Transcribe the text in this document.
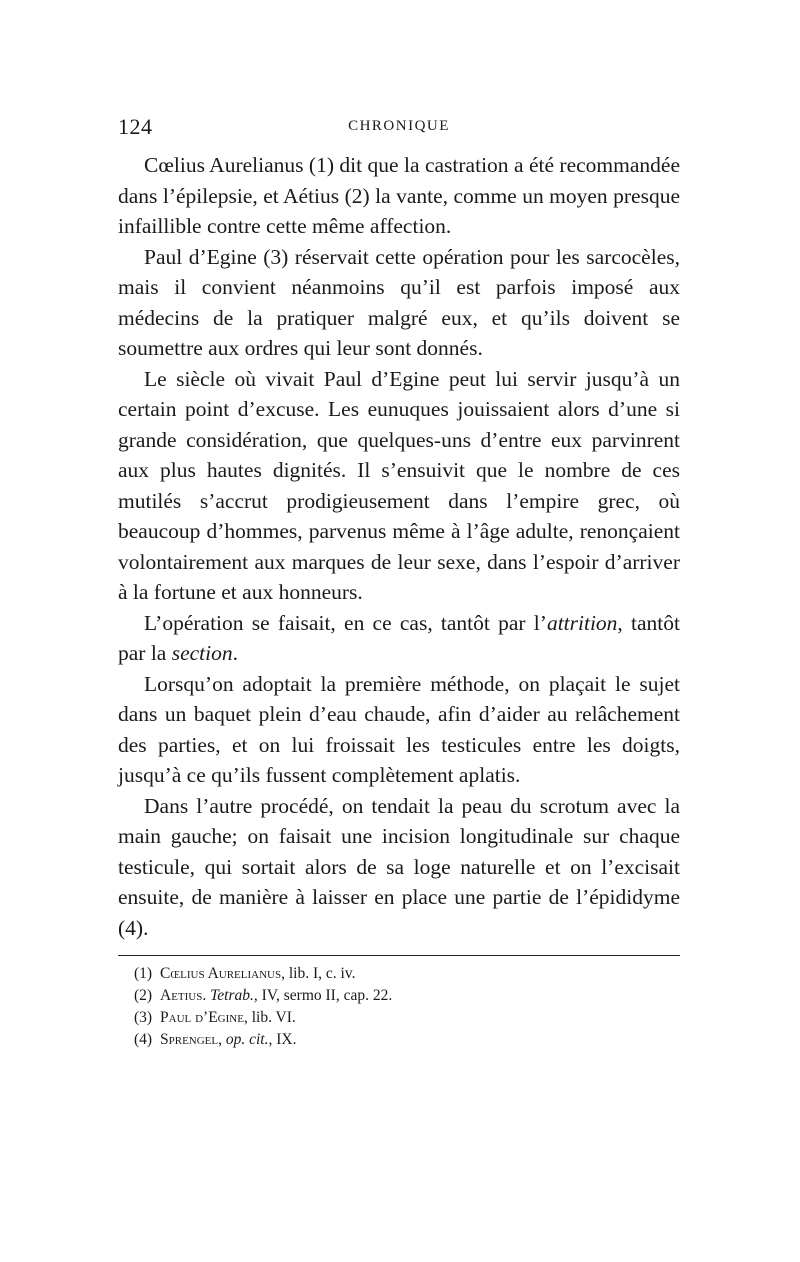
124	CHRONIQUE

Cœlius Aurelianus (1) dit que la castration a été recommandée dans l’épilepsie, et Aétius (2) la vante, comme un moyen presque infaillible contre cette même affection.

Paul d’Egine (3) réservait cette opération pour les sarcocèles, mais il convient néanmoins qu’il est parfois imposé aux médecins de la pratiquer malgré eux, et qu’ils doivent se soumettre aux ordres qui leur sont donnés.

Le siècle où vivait Paul d’Egine peut lui servir jusqu’à un certain point d’excuse. Les eunuques jouissaient alors d’une si grande considération, que quelques-uns d’entre eux parvinrent aux plus hautes dignités. Il s’ensuivit que le nombre de ces mutilés s’accrut prodigieusement dans l’empire grec, où beaucoup d’hommes, parvenus même à l’âge adulte, renonçaient volontairement aux marques de leur sexe, dans l’espoir d’arriver à la fortune et aux honneurs.

L’opération se faisait, en ce cas, tantôt par l’attrition, tantôt par la section.

Lorsqu’on adoptait la première méthode, on plaçait le sujet dans un baquet plein d’eau chaude, afin d’aider au relâchement des parties, et on lui froissait les testicules entre les doigts, jusqu’à ce qu’ils fussent complètement aplatis.

Dans l’autre procédé, on tendait la peau du scrotum avec la main gauche; on faisait une incision longitudinale sur chaque testicule, qui sortait alors de sa loge naturelle et on l’excisait ensuite, de manière à laisser en place une partie de l’épididyme (4).

(1) Cœlius Aurelianus, lib. I, c. iv.
(2) Aetius. Tetrab., IV, sermo II, cap. 22.
(3) Paul d’Egine, lib. VI.
(4) Sprengel, op. cit., IX.
